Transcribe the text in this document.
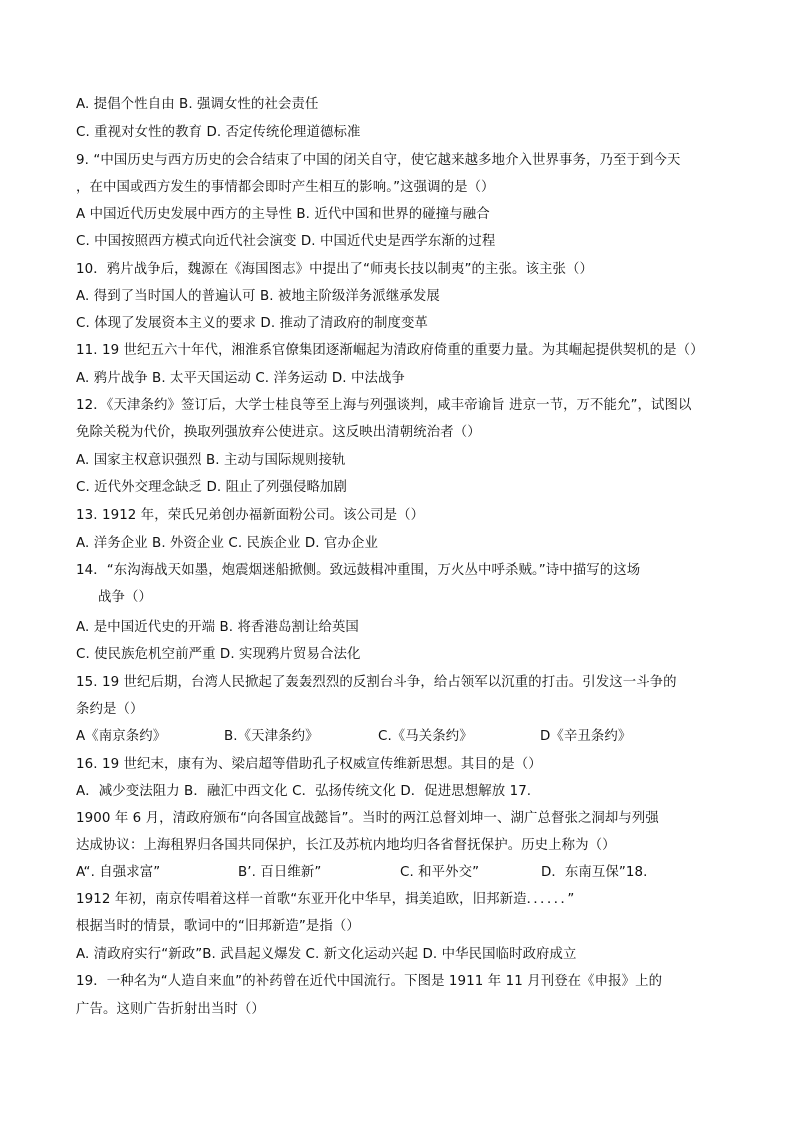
A. 提倡个性自由 B. 强调女性的社会责任
C. 重视对女性的教育 D. 否定传统伦理道德标准
9. “中国历史与西方历史的会合结束了中国的闭关自守，使它越来越多地介入世界事务，乃至于到今天
，在中国或西方发生的事情都会即时产生相互的影响。”这强调的是（）
A 中国近代历史发展中西方的主导性 B. 近代中国和世界的碰撞与融合
C. 中国按照西方模式向近代社会演变 D. 中国近代史是西学东渐的过程
10．鸦片战争后，魏源在《海国图志》中提出了“师夷长技以制夷”的主张。该主张（）
A. 得到了当时国人的普遍认可 B. 被地主阶级洋务派继承发展
C. 体现了发展资本主义的要求 D. 推动了清政府的制度变革
11. 19 世纪五六十年代，湘淮系官僚集团逐渐崛起为清政府倚重的重要力量。为其崛起提供契机的是（）
A. 鸦片战争 B. 太平天国运动 C. 洋务运动 D. 中法战争
12．《天津条约》签订后，大学士桂良等至上海与列强谈判，咸丰帝谕旨 进京一节，万不能允”，试图以
免除关税为代价，换取列强放弃公使进京。这反映出清朝统治者（）
A. 国家主权意识强烈 B. 主动与国际规则接轨
C. 近代外交理念缺乏 D. 阻止了列强侵略加剧
13. 1912 年，荣氏兄弟创办福新面粉公司。该公司是（）
A. 洋务企业 B. 外资企业 C. 民族企业 D. 官办企业
14．“东沟海战天如墨，炮震烟迷船掀侧。致远鼓楫冲重围，万火丛中呼杀贼。”诗中描写的这场
战争（）
A. 是中国近代史的开端 B. 将香港岛割让给英国
C. 使民族危机空前严重 D. 实现鸦片贸易合法化
15. 19 世纪后期，台湾人民掀起了轰轰烈烈的反割台斗争，给占领军以沉重的打击。引发这一斗争的
条约是（）
A《南京条约》	B.《天津条约》	C.《马关条约》	D《辛丑条约》
16. 19 世纪末，康有为、梁启超等借助孔子权威宣传维新思想。其目的是（）
A．减少变法阻力 B．融汇中西文化 C．弘扬传统文化 D．促进思想解放 17.
1900 年 6 月，清政府颁布“向各国宣战懿旨”。当时的两江总督刘坤一、湖广总督张之洞却与列强
达成协议：上海租界归各国共同保护，长江及苏杭内地均归各省督抚保护。历史上称为（）
A“. 自强求富”	B’. 百日维新”	C. 和平外交”	D．东南互保”18.
1912 年初，南京传唱着这样一首歌“东亚开化中华早，揖美追欧，旧邦新造．．．．．．”
根据当时的情景，歌词中的“旧邦新造”是指（）
A. 清政府实行“新政”B. 武昌起义爆发 C. 新文化运动兴起 D. 中华民国临时政府成立
19．一种名为“人造自来血”的补药曾在近代中国流行。下图是 1911 年 11 月刊登在《申报》上的
广告。这则广告折射出当时（）
